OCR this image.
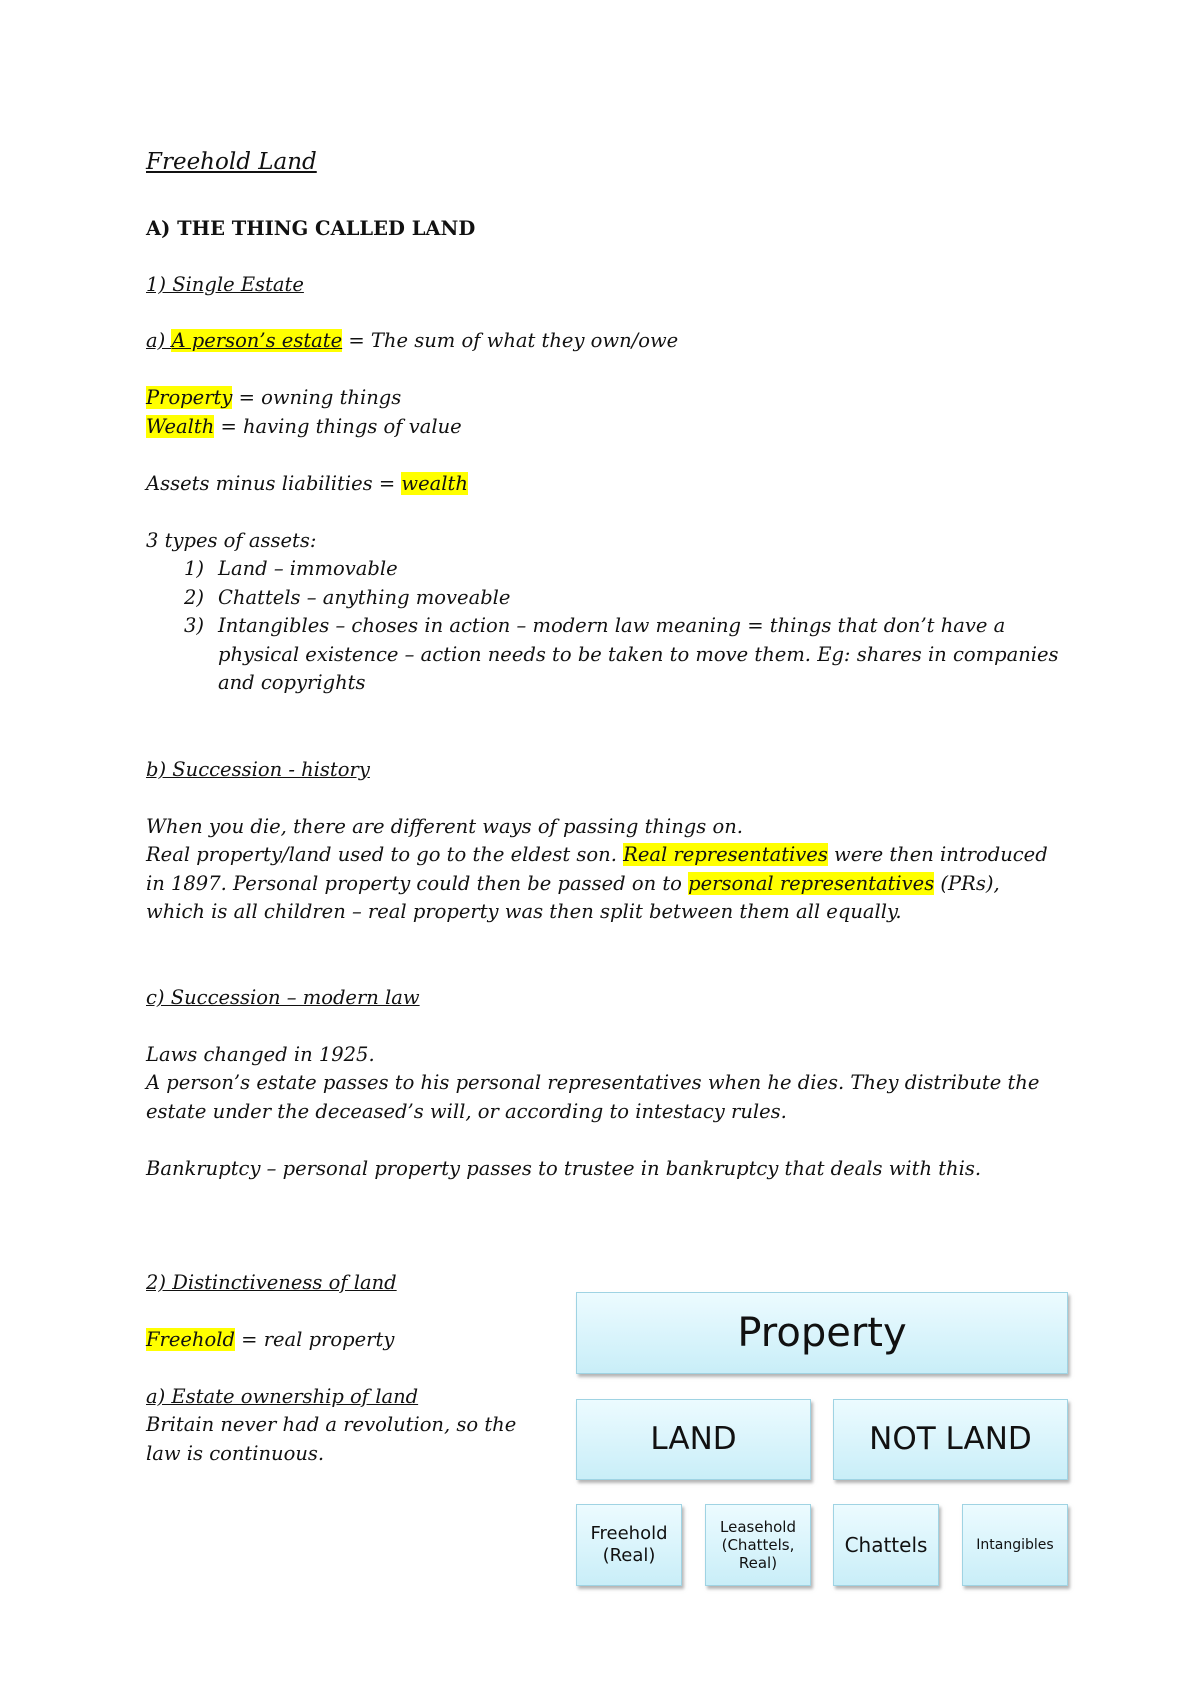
Freehold Land
A) THE THING CALLED LAND
1) Single Estate
a) A person’s estate = The sum of what they own/owe
Property = owning things
Wealth = having things of value
Assets minus liabilities = wealth
3 types of assets:
1) Land – immovable
2) Chattels – anything moveable
3) Intangibles – choses in action – modern law meaning = things that don’t have a
physical existence – action needs to be taken to move them. Eg: shares in companies
and copyrights
b) Succession - history
When you die, there are different ways of passing things on.
Real property/land used to go to the eldest son. Real representatives were then introduced
in 1897. Personal property could then be passed on to personal representatives (PRs),
which is all children – real property was then split between them all equally.
c) Succession – modern law
Laws changed in 1925.
A person’s estate passes to his personal representatives when he dies. They distribute the
estate under the deceased’s will, or according to intestacy rules.
Bankruptcy – personal property passes to trustee in bankruptcy that deals with this.
2) Distinctiveness of land
Freehold = real property
a) Estate ownership of land
Britain never had a revolution, so the
law is continuous.
Property
LAND	NOT LAND
Freehold
(Real)
Leasehold
(Chattels,
Real)
Chattels	Intangibles
